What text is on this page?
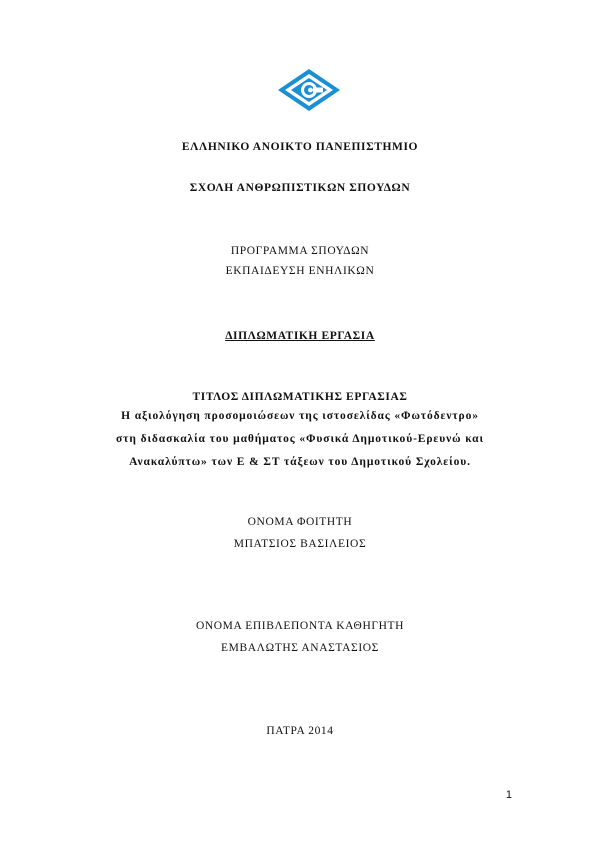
ΕΛΛΗΝΙΚΟ ΑΝΟΙΚΤΟ ΠΑΝΕΠΙΣΤΗΜΙΟ
ΣΧΟΛΗ ΑΝΘΡΩΠΙΣΤΙΚΩΝ ΣΠΟΥΔΩΝ
ΠΡΟΓΡΑΜΜΑ ΣΠΟΥΔΩΝ
ΕΚΠΑΙΔΕΥΣΗ ΕΝΗΛΙΚΩΝ
ΔΙΠΛΩΜΑΤΙΚΗ ΕΡΓΑΣΙΑ
ΤΙΤΛΟΣ ΔΙΠΛΩΜΑΤΙΚΗΣ ΕΡΓΑΣΙΑΣ
Η αξιολόγηση προσομοιώσεων της ιστοσελίδας «Φωτόδεντρο»
στη διδασκαλία του μαθήματος «Φυσικά Δημοτικού-Ερευνώ και
Ανακαλύπτω» των Ε & ΣΤ τάξεων του Δημοτικού Σχολείου.
ΟΝΟΜΑ ΦΟΙΤΗΤΗ
ΜΠΑΤΣΙΟΣ ΒΑΣΙΛΕΙΟΣ
ΟΝΟΜΑ ΕΠΙΒΛΕΠΟΝΤΑ ΚΑΘΗΓΗΤΗ
ΕΜΒΑΛΩΤΗΣ ΑΝΑΣΤΑΣΙΟΣ
ΠΑΤΡΑ 2014
1
